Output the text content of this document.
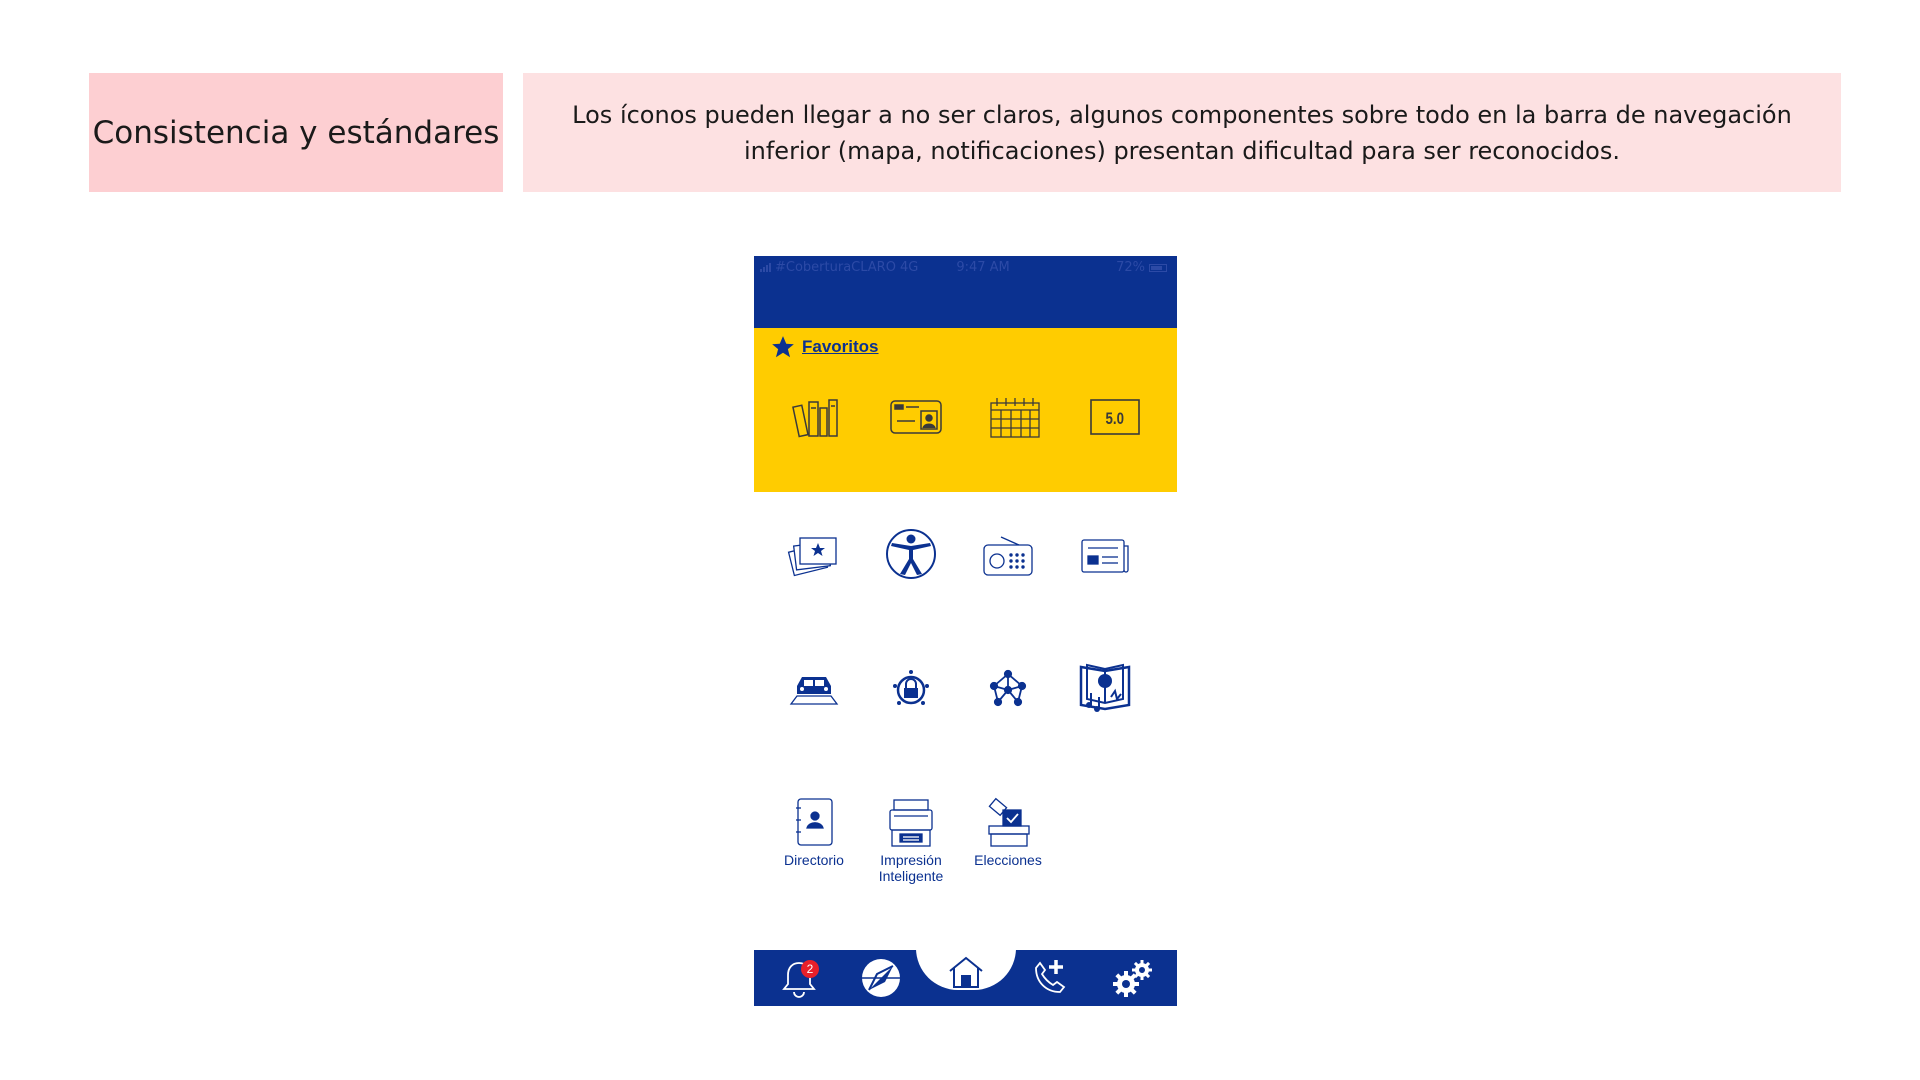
Consistencia y estándares	Los íconos pueden llegar a no ser claros, algunos componentes sobre todo en la barra de navegación
inferior (mapa, notificaciones) presentan dificultad para ser reconocidos.

#CoberturaCLARO 4G	9:47 AM	72%
Favoritos
5.0
Directorio	Impresión
Inteligente
Elecciones
2
